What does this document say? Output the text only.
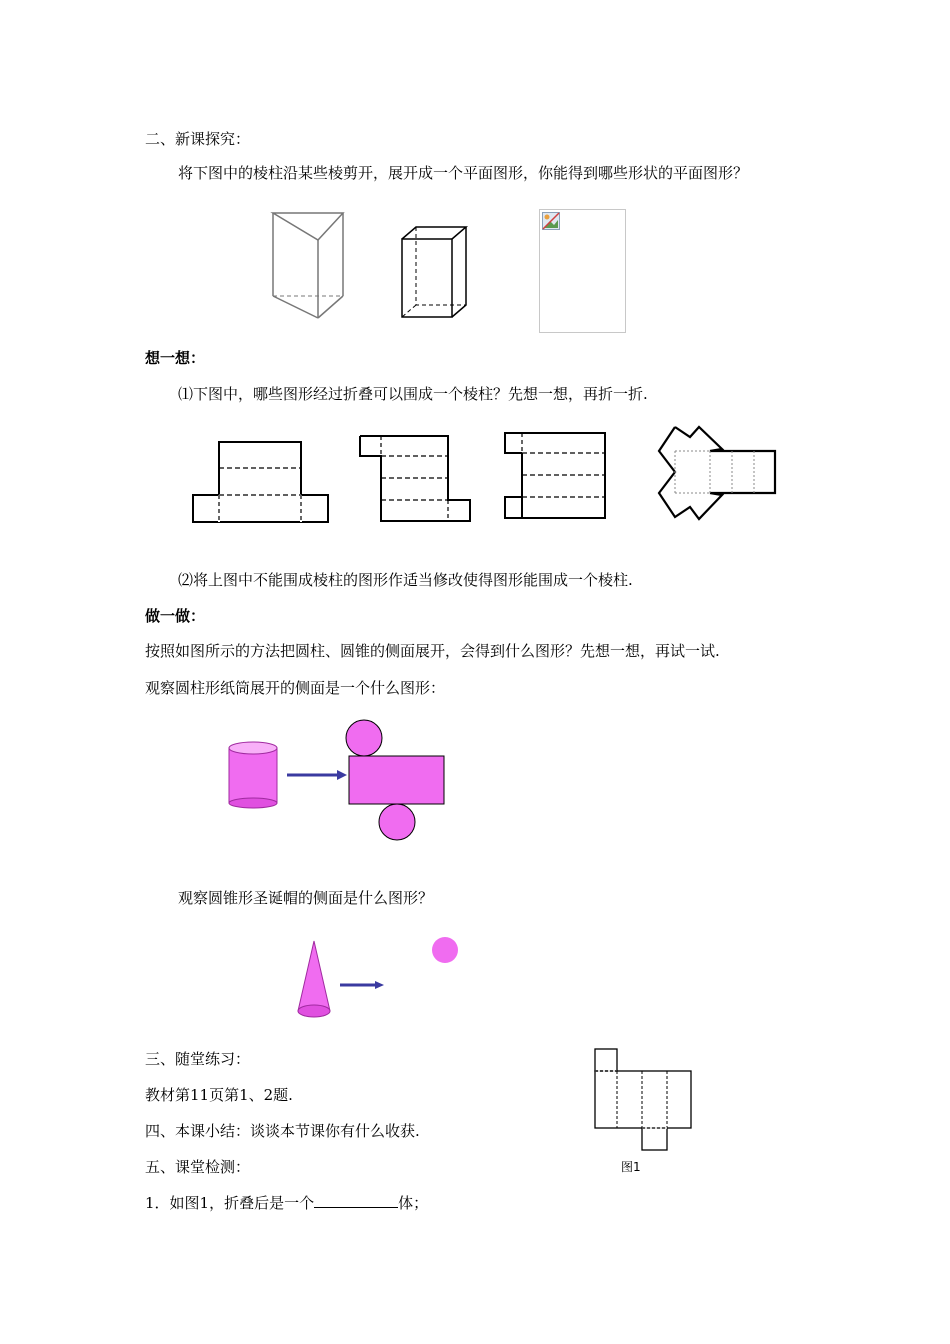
二、新课探究：
将下图中的棱柱沿某些棱剪开，展开成一个平面图形，你能得到哪些形状的平面图形？
想一想：
⑴下图中，哪些图形经过折叠可以围成一个棱柱？先想一想，再折一折.
⑵将上图中不能围成棱柱的图形作适当修改使得图形能围成一个棱柱.
做一做：
按照如图所示的方法把圆柱、圆锥的侧面展开，会得到什么图形？先想一想，再试一试.
观察圆柱形纸筒展开的侧面是一个什么图形：
观察圆锥形圣诞帽的侧面是什么图形？
三、随堂练习：
教材第11页第1、2题.
四、本课小结：谈谈本节课你有什么收获.
五、课堂检测：
1．如图1，折叠后是一个	体；
图1
